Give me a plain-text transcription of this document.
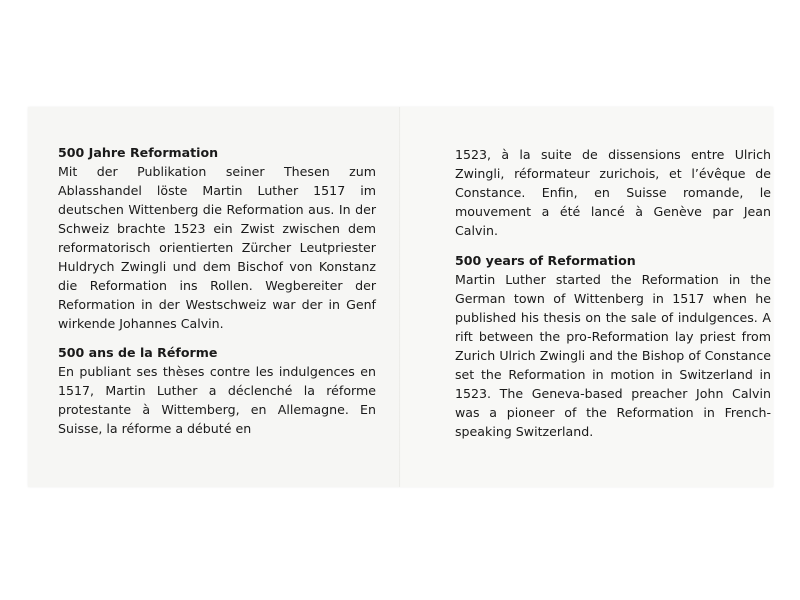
500 Jahre Reformation

Mit der Publikation seiner Thesen zum Ablasshandel löste Martin Luther 1517 im deutschen Wittenberg die Reformation aus. In der Schweiz brachte 1523 ein Zwist zwischen dem reformatorisch orientierten Zürcher Leutpriester Huldrych Zwingli und dem Bischof von Konstanz die Reformation ins Rollen. Wegbereiter der Reformation in der Westschweiz war der in Genf wirkende Johannes Calvin.

500 ans de la Réforme

En publiant ses thèses contre les indulgences en 1517, Martin Luther a déclenché la réforme protestante à Wittemberg, en Allemagne. En Suisse, la réforme a débuté en

1523, à la suite de dissensions entre Ulrich Zwingli, réformateur zurichois, et l’évêque de Constance. Enfin, en Suisse romande, le mouvement a été lancé à Genève par Jean Calvin.

500 years of Reformation

Martin Luther started the Reformation in the German town of Wittenberg in 1517 when he published his thesis on the sale of indulgences. A rift between the pro-Reformation lay priest from Zurich Ulrich Zwingli and the Bishop of Constance set the Reformation in motion in Switzerland in 1523. The Geneva-based preacher John Calvin was a pioneer of the Reformation in French-speaking Switzerland.
